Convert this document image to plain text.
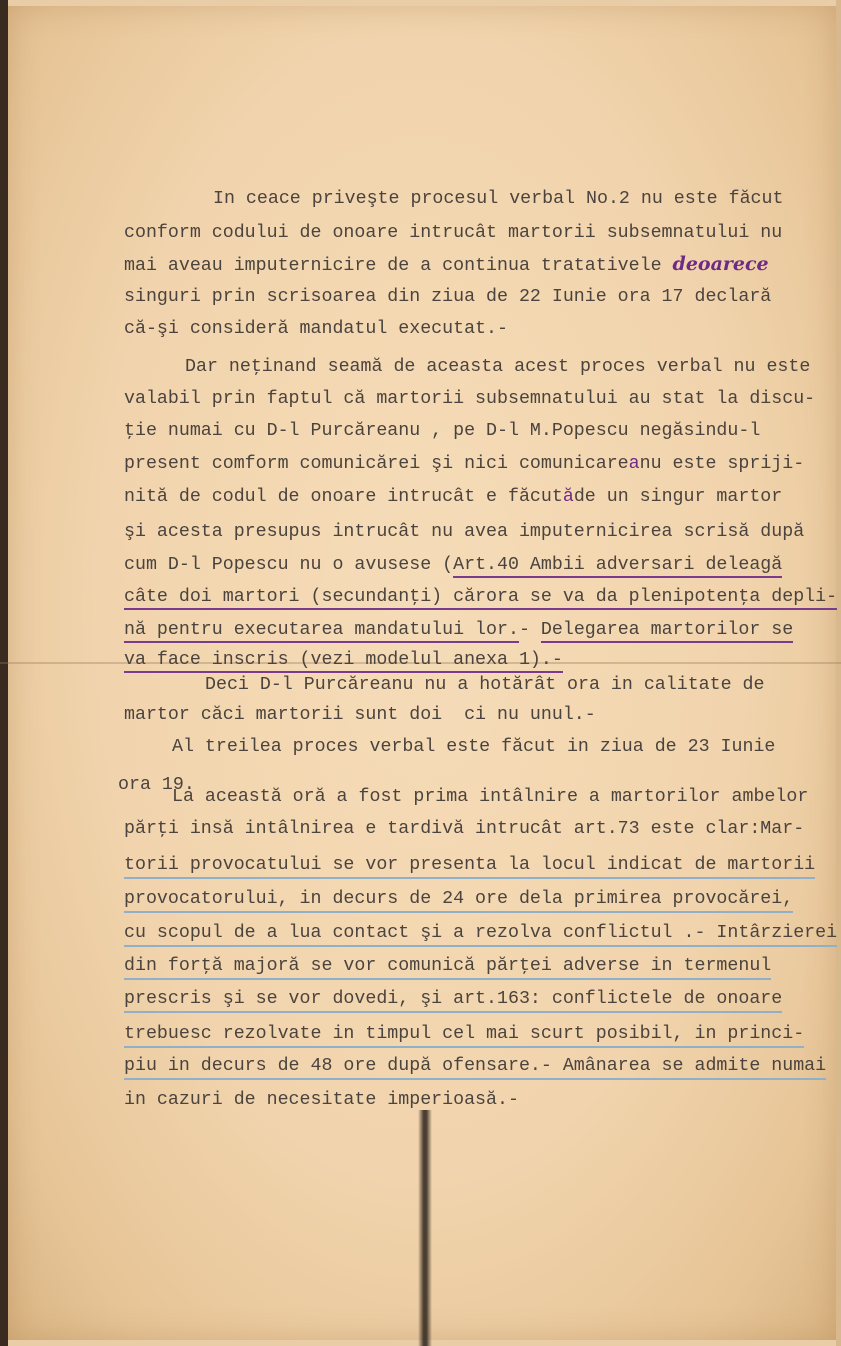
In ceace priveşte procesul verbal No.2 nu este făcut
conform codului de onoare intrucât martorii subsemnatului nu
mai aveau imputernicire de a continua tratativele deoarece
singuri prin scrisoarea din ziua de 22 Iunie ora 17 declară
că-şi consideră mandatul executat.-
Dar neţinand seamă de aceasta acest proces verbal nu este
valabil prin faptul că martorii subsemnatului au stat la discu-
ţie numai cu D-l Purcăreanu , pe D-l M.Popescu negăsindu-l
present comform comunicărei şi nici comunicareanu este spriji-
nită de codul de onoare intrucât e făcutăde un singur martor
şi acesta presupus intrucât nu avea imputernicirea scrisă după
cum D-l Popescu nu o avusese (Art.40 Ambii adversari deleagă
câte doi martori (secundanţi) cărora se va da plenipotenţa depli-
nă pentru executarea mandatului lor.- Delegarea martorilor se
va face inscris (vezi modelul anexa 1).-
Deci D-l Purcăreanu nu a hotărât ora in calitate de
martor căci martorii sunt doi  ci nu unul.-
Al treilea proces verbal este făcut in ziua de 23 Iunie
ora 19.
La această oră a fost prima intâlnire a martorilor ambelor
părţi insă intâlnirea e tardivă intrucât art.73 este clar:Mar-
torii provocatului se vor presenta la locul indicat de martorii
provocatorului, in decurs de 24 ore dela primirea provocărei,
cu scopul de a lua contact şi a rezolva conflictul .- Intârzierei
din forţă majoră se vor comunică părţei adverse in termenul
prescris şi se vor dovedi, şi art.163: conflictele de onoare
trebuesc rezolvate in timpul cel mai scurt posibil, in princi-
piu in decurs de 48 ore după ofensare.- Amânarea se admite numai
in cazuri de necesitate imperioasă.-
